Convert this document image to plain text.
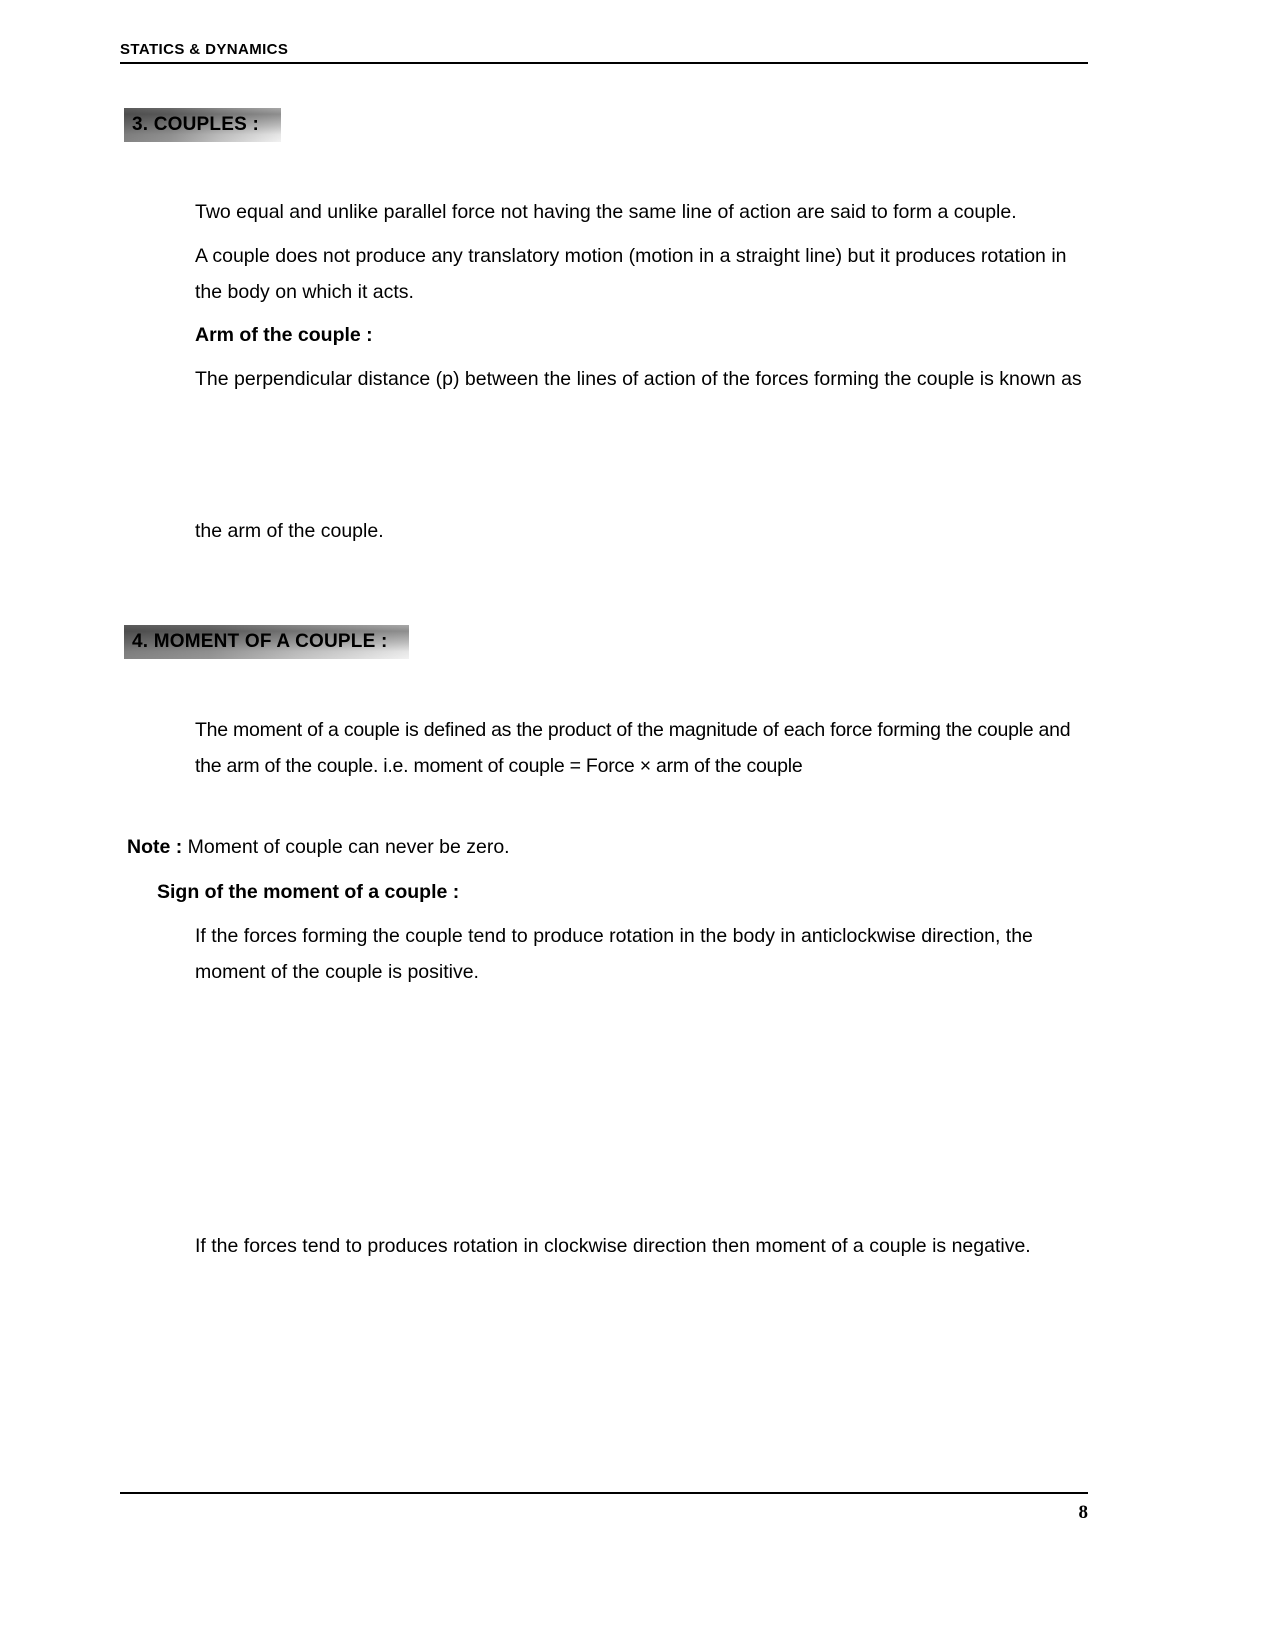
STATICS & DYNAMICS
3. COUPLES :
Two equal and unlike parallel force not having the same line of action are said to form a couple.
A couple does not produce any translatory motion (motion in a straight line) but it produces rotation in the body on which it acts.
Arm of the couple :
The perpendicular distance (p) between the lines of action of the forces forming the couple is known as
the arm of the couple.
4. MOMENT OF A COUPLE :
The moment of a couple is defined as the product of the magnitude of each force forming the couple and the arm of the couple. i.e. moment of couple = Force × arm of the couple
Note : Moment of couple can never be zero.
Sign of the moment of a couple :
If the forces forming the couple tend to produce rotation in the body in anticlockwise direction, the moment of the couple is positive.
If the forces tend to produces rotation in clockwise direction then moment of a couple is negative.
8
